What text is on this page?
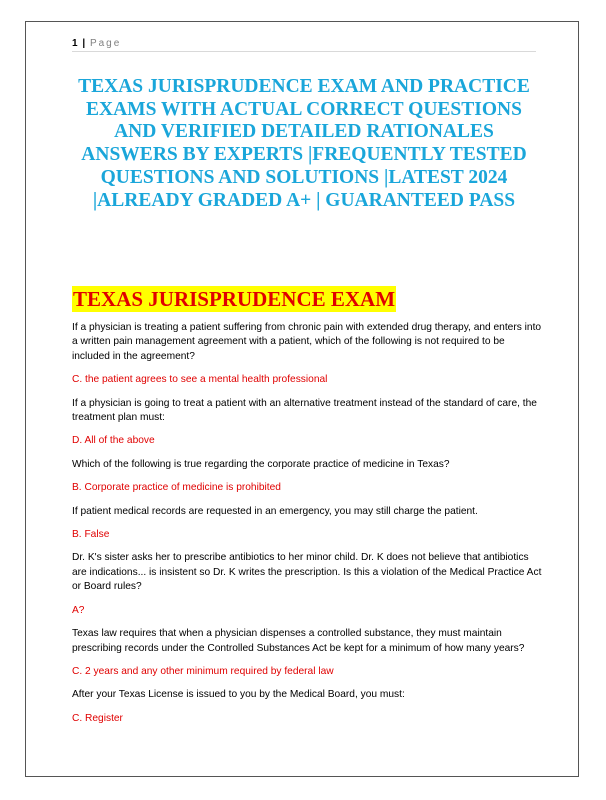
1 | Page
TEXAS JURISPRUDENCE EXAM AND PRACTICE EXAMS WITH ACTUAL CORRECT QUESTIONS AND VERIFIED DETAILED RATIONALES ANSWERS BY EXPERTS |FREQUENTLY TESTED QUESTIONS AND SOLUTIONS |LATEST 2024 |ALREADY GRADED A+ | GUARANTEED PASS
TEXAS JURISPRUDENCE EXAM

If a physician is treating a patient suffering from chronic pain with extended drug therapy, and enters into a written pain management agreement with a patient, which of the following is not required to be included in the agreement?

C. the patient agrees to see a mental health professional

If a physician is going to treat a patient with an alternative treatment instead of the standard of care, the treatment plan must:

D. All of the above

Which of the following is true regarding the corporate practice of medicine in Texas?

B. Corporate practice of medicine is prohibited

If patient medical records are requested in an emergency, you may still charge the patient.

B. False

Dr. K's sister asks her to prescribe antibiotics to her minor child. Dr. K does not believe that antibiotics are indications... is insistent so Dr. K writes the prescription. Is this a violation of the Medical Practice Act or Board rules?

A?

Texas law requires that when a physician dispenses a controlled substance, they must maintain prescribing records under the Controlled Substances Act be kept for a minimum of how many years?

C. 2 years and any other minimum required by federal law

After your Texas License is issued to you by the Medical Board, you must:

C. Register
